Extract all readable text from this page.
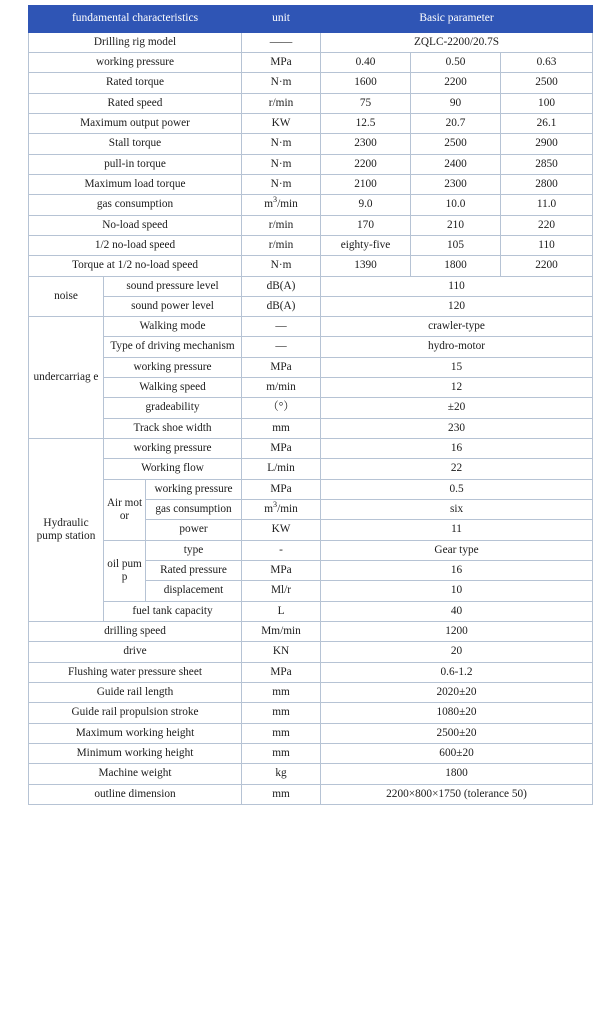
fundamental characteristics			unit	Basic parameter		
Drilling rig model			——	ZQLC-2200/20.7S		
working pressure			MPa	0.40	0.50	0.63
Rated torque			N·m	1600	2200	2500
Rated speed			r/min	75	90	100
Maximum output power			KW	12.5	20.7	26.1
Stall torque			N·m	2300	2500	2900
pull-in torque			N·m	2200	2400	2850
Maximum load torque			N·m	2100	2300	2800
gas consumption			$m^3/\min$	9.0	10.0	11.0
No-load speed			r/min	170	210	220
1/2 no-load speed			r/min	eighty-five	105	110
Torque at 1/2 no-load speed			N·m	1390	1800	2200
noise	sound pressure level		dB(A)	110		
	sound power level		dB(A)	120		
undercarriag e	Walking mode		—	crawler-type		
	Type of driving mechanism		—	hydro-motor		
	working pressure		MPa	15		
	Walking speed		m/min	12		
	gradeability		（°）	±20		
	Track shoe width		mm	230		
Hydraulic pump station	working pressure		MPa	16		
	Working flow		L/min	22		
	Air mot or	working pressure	MPa	0.5		
		gas consumption	$m^3/\min$	six		
		power	KW	11		
	oil pum p	type	-	Gear type		
		Rated pressure	MPa	16		
		displacement	Ml/r	10		
	fuel tank capacity		L	40		
drilling speed			Mm/min	1200		
drive			KN	20		
Flushing water pressure sheet			MPa	0.6-1.2		
Guide rail length			mm	2020±20		
Guide rail propulsion stroke			mm	1080±20		
Maximum working height			mm	2500±20		
Minimum working height			mm	600±20		
Machine weight			kg	1800		
outline dimension			mm	2200×800×1750 (tolerance 50)		
